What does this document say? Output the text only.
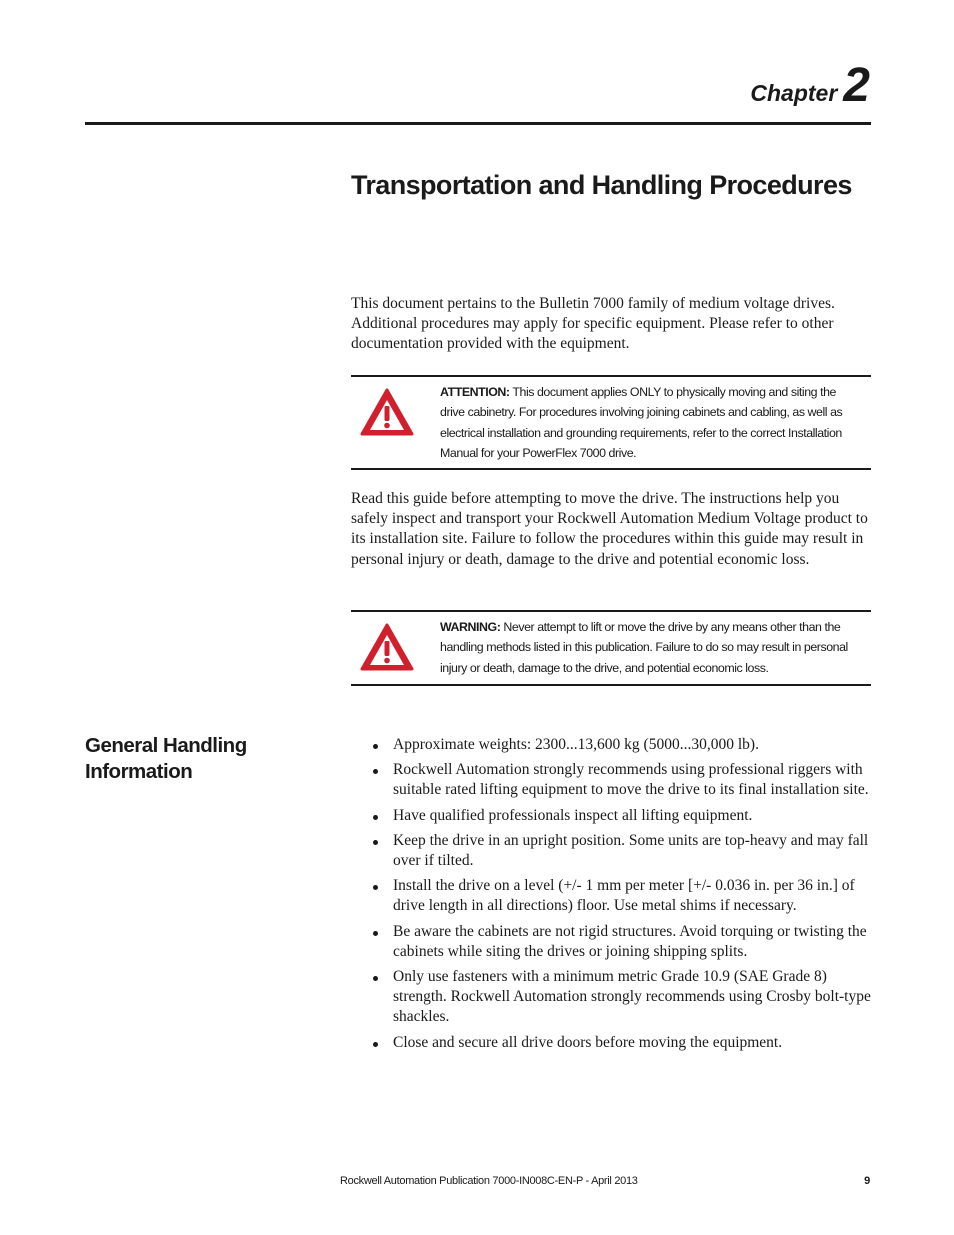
Chapter 2
Transportation and Handling Procedures

This document pertains to the Bulletin 7000 family of medium voltage drives. Additional procedures may apply for specific equipment. Please refer to other documentation provided with the equipment.

ATTENTION: This document applies ONLY to physically moving and siting the drive cabinetry. For procedures involving joining cabinets and cabling, as well as electrical installation and grounding requirements, refer to the correct Installation Manual for your PowerFlex 7000 drive.

Read this guide before attempting to move the drive. The instructions help you safely inspect and transport your Rockwell Automation Medium Voltage product to its installation site. Failure to follow the procedures within this guide may result in personal injury or death, damage to the drive and potential economic loss.

WARNING: Never attempt to lift or move the drive by any means other than the handling methods listed in this publication. Failure to do so may result in personal injury or death, damage to the drive, and potential economic loss.
General Handling Information
Approximate weights: 2300...13,600 kg (5000...30,000 lb).
Rockwell Automation strongly recommends using professional riggers with suitable rated lifting equipment to move the drive to its final installation site.
Have qualified professionals inspect all lifting equipment.
Keep the drive in an upright position. Some units are top-heavy and may fall over if tilted.
Install the drive on a level (+/- 1 mm per meter [+/- 0.036 in. per 36 in.] of drive length in all directions) floor. Use metal shims if necessary.
Be aware the cabinets are not rigid structures. Avoid torquing or twisting the cabinets while siting the drives or joining shipping splits.
Only use fasteners with a minimum metric Grade 10.9 (SAE Grade 8) strength. Rockwell Automation strongly recommends using Crosby bolt-type shackles.
Close and secure all drive doors before moving the equipment.
Rockwell Automation Publication 7000-IN008C-EN-P - April 2013	9
